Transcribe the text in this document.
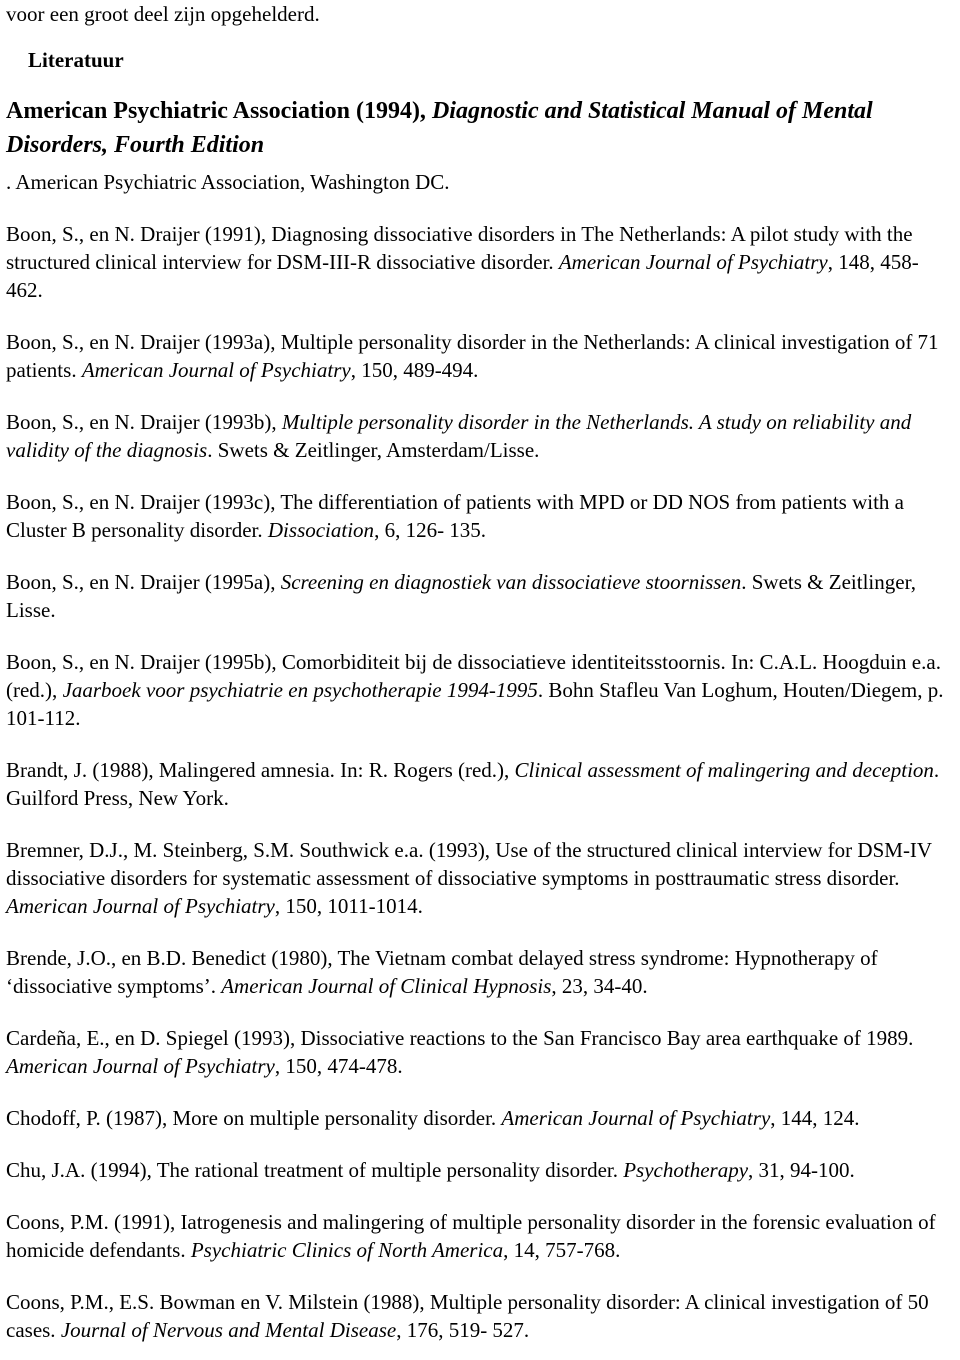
voor een groot deel zijn opgehelderd.

Literatuur

American Psychiatric Association (1994), Diagnostic and Statistical Manual of Mental Disorders, Fourth Edition

. American Psychiatric Association, Washington DC.

Boon, S., en N. Draijer (1991), Diagnosing dissociative disorders in The Netherlands: A pilot study with the structured clinical interview for DSM-III-R dissociative disorder. American Journal of Psychiatry, 148, 458-462.

Boon, S., en N. Draijer (1993a), Multiple personality disorder in the Netherlands: A clinical investigation of 71 patients. American Journal of Psychiatry, 150, 489-494.

Boon, S., en N. Draijer (1993b), Multiple personality disorder in the Netherlands. A study on reliability and validity of the diagnosis. Swets & Zeitlinger, Amsterdam/Lisse.

Boon, S., en N. Draijer (1993c), The differentiation of patients with MPD or DD NOS from patients with a Cluster B personality disorder. Dissociation, 6, 126- 135.

Boon, S., en N. Draijer (1995a), Screening en diagnostiek van dissociatieve stoornissen. Swets & Zeitlinger, Lisse.

Boon, S., en N. Draijer (1995b), Comorbiditeit bij de dissociatieve identiteitsstoornis. In: C.A.L. Hoogduin e.a. (red.), Jaarboek voor psychiatrie en psychotherapie 1994-1995. Bohn Stafleu Van Loghum, Houten/Diegem, p. 101-112.

Brandt, J. (1988), Malingered amnesia. In: R. Rogers (red.), Clinical assessment of malingering and deception. Guilford Press, New York.

Bremner, D.J., M. Steinberg, S.M. Southwick e.a. (1993), Use of the structured clinical interview for DSM-IV dissociative disorders for systematic assessment of dissociative symptoms in posttraumatic stress disorder. American Journal of Psychiatry, 150, 1011-1014.

Brende, J.O., en B.D. Benedict (1980), The Vietnam combat delayed stress syndrome: Hypnotherapy of ‘dissociative symptoms’. American Journal of Clinical Hypnosis, 23, 34-40.

Cardeña, E., en D. Spiegel (1993), Dissociative reactions to the San Francisco Bay area earthquake of 1989. American Journal of Psychiatry, 150, 474-478.

Chodoff, P. (1987), More on multiple personality disorder. American Journal of Psychiatry, 144, 124.

Chu, J.A. (1994), The rational treatment of multiple personality disorder. Psychotherapy, 31, 94-100.

Coons, P.M. (1991), Iatrogenesis and malingering of multiple personality disorder in the forensic evaluation of homicide defendants. Psychiatric Clinics of North America, 14, 757-768.

Coons, P.M., E.S. Bowman en V. Milstein (1988), Multiple personality disorder: A clinical investigation of 50 cases. Journal of Nervous and Mental Disease, 176, 519- 527.
